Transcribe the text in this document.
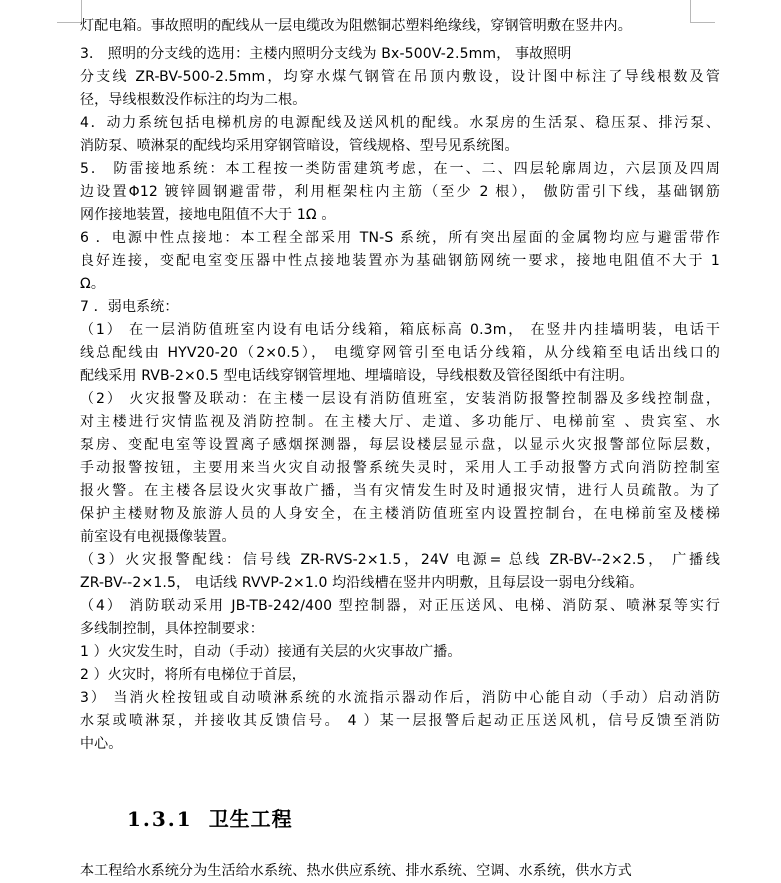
灯配电箱。事故照明的配线从一层电缆改为阻燃铜芯塑料绝缘线，穿钢管明敷在竖井内。
3． 照明的分支线的选用：主楼内照明分支线为 Bx-500V-2.5mm， 事故照明
分支线 ZR-BV-500-2.5mm，均穿水煤气钢管在吊顶内敷设，设计图中标注了导线根数及管
径，导线根数没作标注的均为二根。
4．动力系统包括电梯机房的电源配线及送风机的配线。水泵房的生活泵、稳压泵、排污泵、
消防泵、喷淋泵的配线均采用穿钢管暗设，管线规格、型号见系统图。
5． 防雷接地系统：本工程按一类防雷建筑考虑，在一、二、四层轮廓周边，六层顶及四周
边设置Φ12 镀锌圆钢避雷带，利用框架柱内主筋（至少 2 根）， 傲防雷引下线，基础钢筋
网作接地装置，接地电阻值不大于 1Ω 。
6 ．电源中性点接地：本工程全部采用 TN-S 系统，所有突出屋面的金属物均应与避雷带作
良好连接，变配电室变压器中性点接地装置亦为基础钢筋网统一要求，接地电阻值不大于 1
Ω。
7 ．弱电系统：
（1） 在一层消防值班室内设有电话分线箱，箱底标高 0.3m， 在竖井内挂墙明装，电话干
线总配线由 HYV20-20（2×0.5）， 电缆穿网管引至电话分线箱，从分线箱至电话出线口的
配线采用 RVB-2×0.5 型电话线穿钢管埋地、埋墙暗设，导线根数及管径图纸中有注明。
（2） 火灾报警及联动：在主楼一层设有消防值班室，安装消防报警控制器及多线控制盘，
对主楼进行灾情监视及消防控制。在主楼大厅、走道、多功能厅、电梯前室 、贵宾室、水
泵房、变配电室等设置离子感烟探测器，每层设楼层显示盘，以显示火灾报警部位际层数，
手动报警按钮，主要用来当火灾自动报警系统失灵时，采用人工手动报警方式向消防控制室
报火警。在主楼各层设火灾事故广播，当有灾情发生时及时通报灾情，进行人员疏散。为了
保护主楼财物及旅游人员的人身安全，在主楼消防值班室内设置控制台，在电梯前室及楼梯
前室设有电视摄像装置。
（3）火灾报警配线：信号线 ZR-RVS-2×1.5，24V 电源= 总线 ZR-BV--2×2.5， 广播线
ZR-BV--2×1.5， 电话线 RVVP-2×1.0 均沿线槽在竖井内明敷，且每层设一弱电分线箱。
（4） 消防联动采用 JB-TB-242/400 型控制器，对正压送风、电梯、消防泵、喷淋泵等实行
多线制控制，具体控制要求：
1 ）火灾发生时，自动（手动）接通有关层的火灾事故广播。
2 ）火灾时，将所有电梯位于首层，
3） 当消火栓按钮或自动喷淋系统的水流指示器动作后，消防中心能自动（手动）启动消防
水泵或喷淋泵，并接收其反馈信号。 4 ）某一层报警后起动正压送风机，信号反馈至消防
中心。
1.3.1 卫生工程
本工程给水系统分为生活给水系统、热水供应系统、排水系统、空调、水系统，供水方式
